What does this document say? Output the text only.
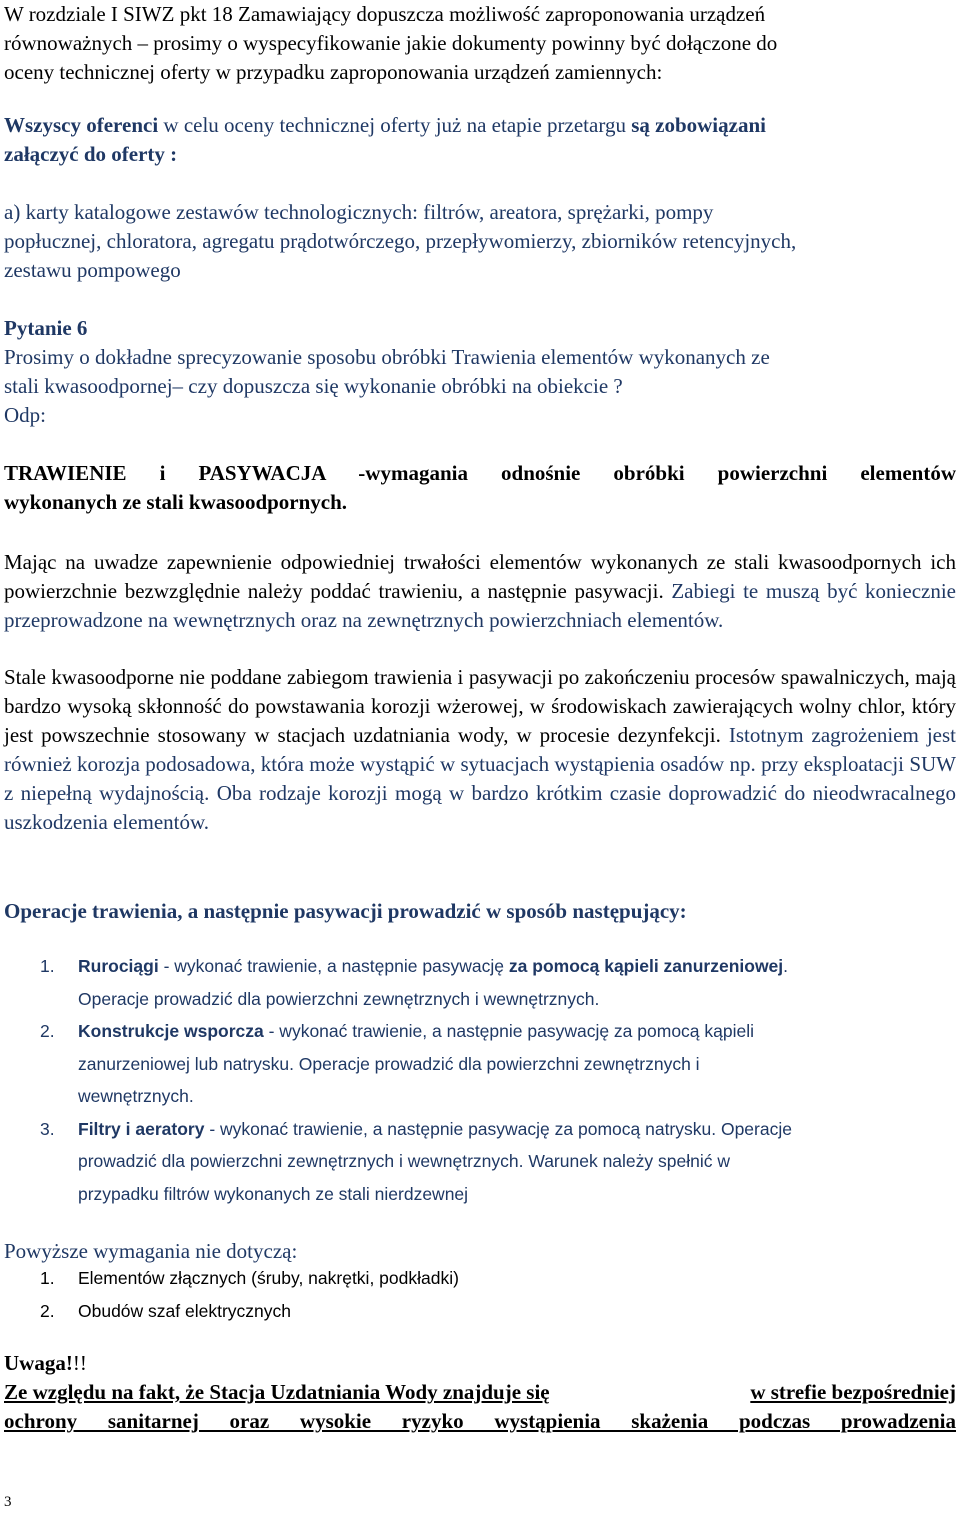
W rozdziale I SIWZ pkt 18 Zamawiający dopuszcza możliwość zaproponowania urządzeń

równoważnych – prosimy o wyspecyfikowanie jakie dokumenty powinny być dołączone do

oceny technicznej oferty w przypadku zaproponowania urządzeń zamiennych:

Wszyscy oferenci w celu oceny technicznej oferty już na etapie przetargu są zobowiązani

załączyć do oferty :

a) karty katalogowe zestawów technologicznych: filtrów, areatora, sprężarki, pompy

popłucznej, chloratora, agregatu prądotwórczego, przepływomierzy, zbiorników retencyjnych,

zestawu pompowego

Pytanie 6

Prosimy o dokładne sprecyzowanie sposobu obróbki Trawienia elementów wykonanych ze

stali kwasoodpornej– czy dopuszcza się wykonanie obróbki na obiekcie ?

Odp:

TRAWIENIE i PASYWACJA -wymagania odnośnie obróbki powierzchni elementów

wykonanych ze stali kwasoodpornych.

Mając na uwadze zapewnienie odpowiedniej trwałości elementów wykonanych ze stali kwasoodpornych ich powierzchnie bezwzględnie należy poddać trawieniu, a następnie pasywacji. Zabiegi te muszą być koniecznie przeprowadzone na wewnętrznych oraz na zewnętrznych powierzchniach elementów.
Stale kwasoodporne nie poddane zabiegom trawienia i pasywacji po zakończeniu procesów spawalniczych, mają bardzo wysoką skłonność do powstawania korozji wżerowej, w środowiskach zawierających wolny chlor, który jest powszechnie stosowany w stacjach uzdatniania wody, w procesie dezynfekcji. Istotnym zagrożeniem jest również korozja podosadowa, która może wystąpić w sytuacjach wystąpienia osadów np. przy eksploatacji SUW z niepełną wydajnością. Oba rodzaje korozji mogą w bardzo krótkim czasie doprowadzić do nieodwracalnego uszkodzenia elementów.
Operacje trawienia, a następnie pasywacji prowadzić w sposób następujący:
1. Rurociągi - wykonać trawienie, a następnie pasywację za pomocą kąpieli zanurzeniowej.
Operacje prowadzić dla powierzchni zewnętrznych i wewnętrznych.
2. Konstrukcje wsporcza - wykonać trawienie, a następnie pasywację za pomocą kąpieli
zanurzeniowej lub natrysku. Operacje prowadzić dla powierzchni zewnętrznych i
wewnętrznych.
3. Filtry i aeratory - wykonać trawienie, a następnie pasywację za pomocą natrysku. Operacje
prowadzić dla powierzchni zewnętrznych i wewnętrznych. Warunek należy spełnić w
przypadku filtrów wykonanych ze stali nierdzewnej
Powyższe wymagania nie dotyczą:
1. Elementów złącznych (śruby, nakrętki, podkładki)
2. Obudów szaf elektrycznych

Uwaga!!!

Ze względu na fakt, że Stacja Uzdatniania Wody znajduje się	w strefie bezpośredniej

ochrony sanitarnej oraz wysokie ryzyko wystąpienia skażenia podczas prowadzenia

3
